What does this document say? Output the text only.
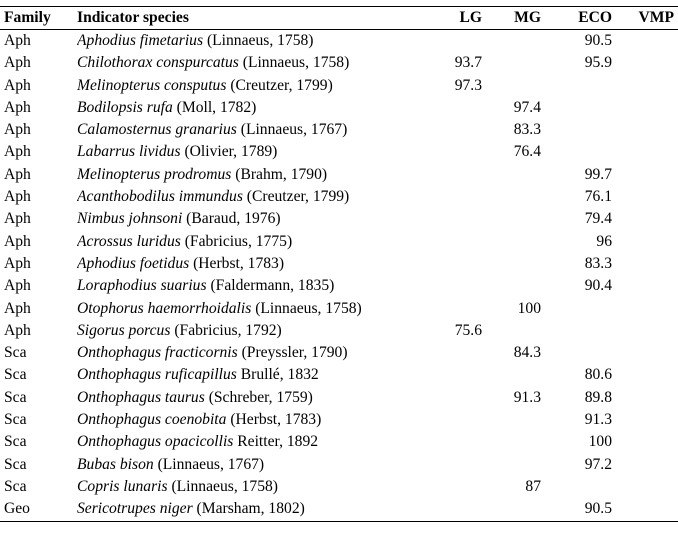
Family	Indicator species	LG	MG	ECO	VMP
Aph	Aphodius fimetarius (Linnaeus, 1758)			90.5	
Aph	Chilothorax conspurcatus (Linnaeus, 1758)	93.7		95.9	
Aph	Melinopterus consputus (Creutzer, 1799)	97.3			
Aph	Bodilopsis rufa (Moll, 1782)		97.4		
Aph	Calamosternus granarius (Linnaeus, 1767)		83.3		
Aph	Labarrus lividus (Olivier, 1789)		76.4		
Aph	Melinopterus prodromus (Brahm, 1790)			99.7	
Aph	Acanthobodilus immundus (Creutzer, 1799)			76.1	
Aph	Nimbus johnsoni (Baraud, 1976)			79.4	
Aph	Acrossus luridus (Fabricius, 1775)			96	
Aph	Aphodius foetidus (Herbst, 1783)			83.3	
Aph	Loraphodius suarius (Faldermann, 1835)			90.4	
Aph	Otophorus haemorrhoidalis (Linnaeus, 1758)		100		
Aph	Sigorus porcus (Fabricius, 1792)	75.6			
Sca	Onthophagus fracticornis (Preyssler, 1790)		84.3		
Sca	Onthophagus ruficapillus Brullé, 1832			80.6	
Sca	Onthophagus taurus (Schreber, 1759)		91.3	89.8	
Sca	Onthophagus coenobita (Herbst, 1783)			91.3	
Sca	Onthophagus opacicollis Reitter, 1892			100	
Sca	Bubas bison (Linnaeus, 1767)			97.2	
Sca	Copris lunaris (Linnaeus, 1758)		87		
Geo	Sericotrupes niger (Marsham, 1802)			90.5	
